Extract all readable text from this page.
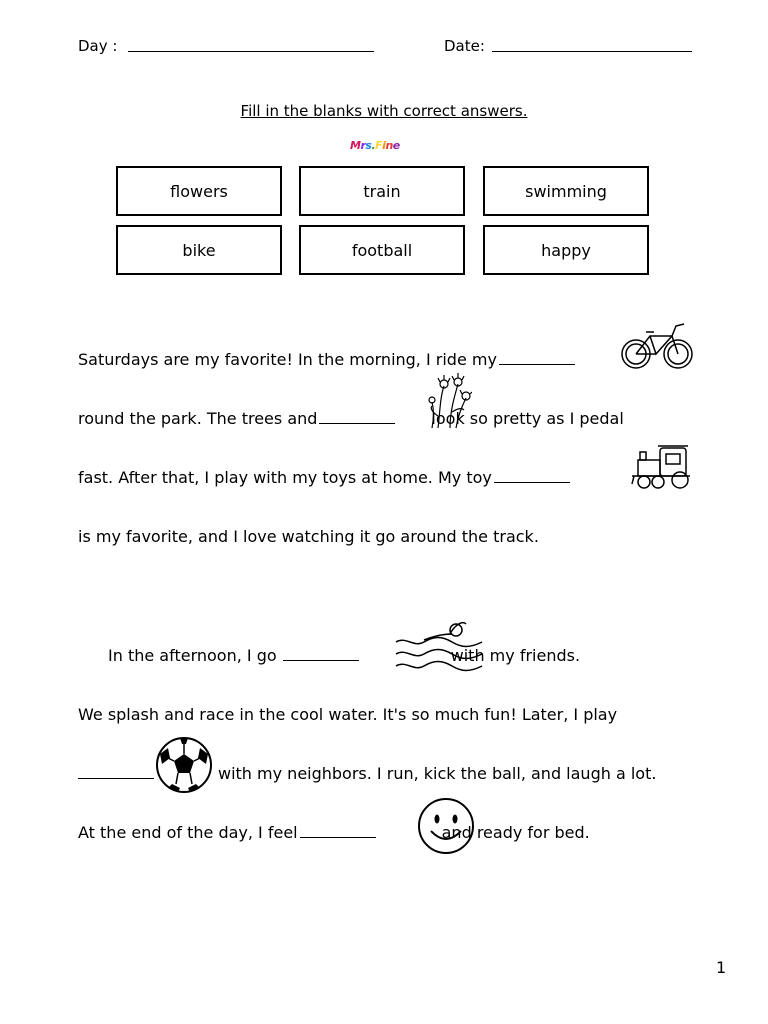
Day :	Date:
Fill in the blanks with correct answers.
Mrs.Fine
flowers	train	swimming
bike	football	happy
Saturdays are my favorite! In the morning, I ride my
round the park. The trees and	look so pretty as I pedal
fast. After that, I play with my toys at home. My toy
is my favorite, and I love watching it go around the track.
In the afternoon, I go	with my friends.
We splash and race in the cool water. It's so much fun! Later, I play
with my neighbors. I run, kick the ball, and laugh a lot.
At the end of the day, I feel	and ready for bed.
1
